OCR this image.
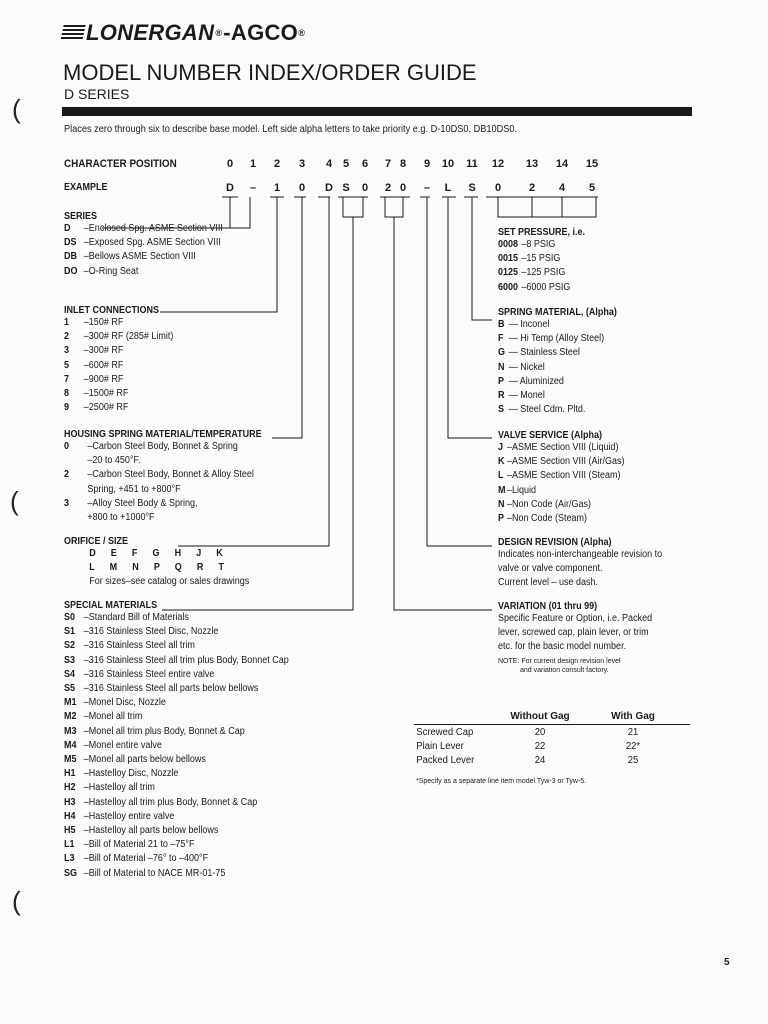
LONERGAN ® - AGCO ®
MODEL NUMBER INDEX/ORDER GUIDE
D SERIES
Places zero through six to describe base model. Left side alpha letters to take priority e.g. D-10DS0, DB10DS0.
CHARACTER POSITION
EXAMPLE
0	1	2	3	4 5	6	7 8	9	10	11	12	13	14	15
D	–	1	0	D S	0	2 0	–	L	S	0	2	4	5
SERIES
D –Enclosed Spg. ASME Section VIII
DS –Exposed Spg. ASME Section VIII
DB –Bellows ASME Section VIII
DO –O-Ring Seat
INLET CONNECTIONS
1 –150# RF
2 –300# RF (285# Limit)
3 –300# RF
5 –600# RF
7 –900# RF
8 –1500# RF
9 –2500# RF
HOUSING SPRING MATERIAL/TEMPERATURE
0 –Carbon Steel Body, Bonnet & Spring
–20 to 450°F.
2 –Carbon Steel Body, Bonnet & Alloy Steel
Spring, +451 to +800°F
3 –Alloy Steel Body & Spring,
+800 to +1000°F
ORIFICE / SIZE
D E F G H J K
L M N P Q R T
For sizes–see catalog or sales drawings
SPECIAL MATERIALS
S0 –Standard Bill of Materials
S1 –316 Stainless Steel Disc, Nozzle
S2 –316 Stainless Steel all trim
S3 –316 Stainless Steel all trim plus Body, Bonnet Cap
S4 –316 Stainless Steel entire valve
S5 –316 Stainless Steel all parts below bellows
M1 –Monel Disc, Nozzle
M2 –Monel all trim
M3 –Monel all trim plus Body, Bonnet & Cap
M4 –Monel entire valve
M5 –Monel all parts below bellows
H1 –Hastelloy Disc, Nozzle
H2 –Hastelloy all trim
H3 –Hastelloy all trim plus Body, Bonnet & Cap
H4 –Hastelloy entire valve
H5 –Hastelloy all parts below bellows
L1 –Bill of Material 21 to –75°F
L3 –Bill of Material –76° to –400°F
SG –Bill of Material to NACE MR-01-75
SET PRESSURE, i.e.
0008 –8 PSIG
0015 –15 PSIG
0125 –125 PSIG
6000 –6000 PSIG
SPRING MATERIAL, (Alpha)
B — Inconel
F — Hi Temp (Alloy Steel)
G — Stainless Steel
N — Nickel
P — Aluminized
R — Monel
S — Steel Cdm. Pltd.
VALVE SERVICE (Alpha)
J –ASME Section VIII (Liquid)
K –ASME Section VIII (Air/Gas)
L –ASME Section VIII (Steam)
M–Liquid
N –Non Code (Air/Gas)
P –Non Code (Steam)
DESIGN REVISION (Alpha)
Indicates non-interchangeable revision to
valve or valve component.
Current level – use dash.
VARIATION (01 thru 99)
Specific Feature or Option, i.e. Packed
lever, screwed cap, plain lever, or trim
etc. for the basic model number.
NOTE: For current design revision level
and variation consult factory.
	Without Gag	With Gag
Screwed Cap	20	21
Plain Lever	22	22*
Packed Lever	24	25
*Specify as a separate line item model Tyw-3 or Tyw-5.
5
(
(
(
